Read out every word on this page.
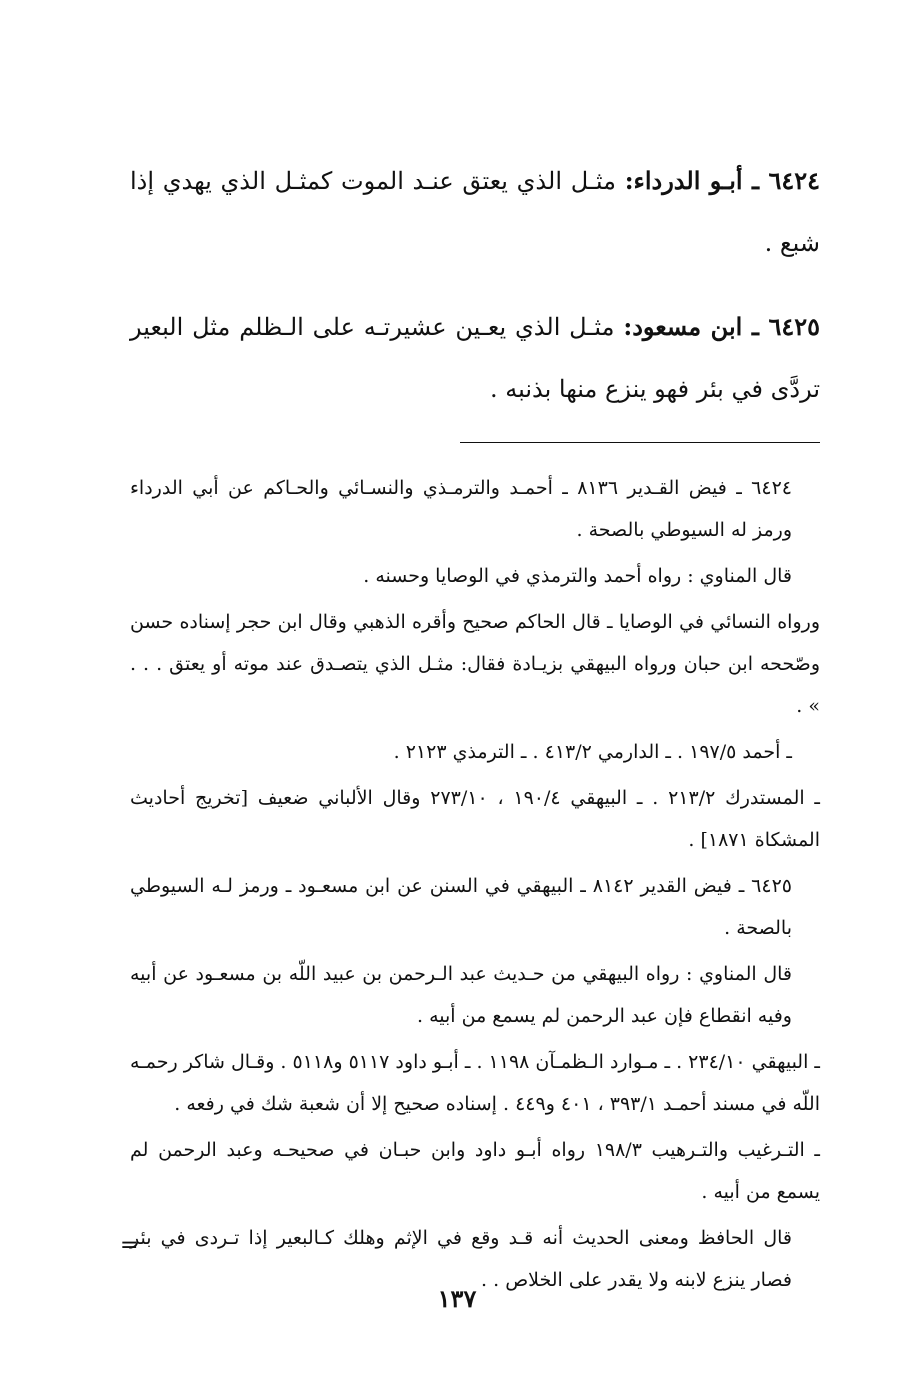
٦٤٢٤ ـ أبـو الدرداء: مثـل الذي يعتق عنـد الموت كمثـل الذي يهدي إذا شبع .

٦٤٢٥ ـ ابن مسعود: مثـل الذي يعـين عشيرتـه على الـظلم مثل البعير تردَّى في بئر فهو ينزع منها بذنبه .

٦٤٢٤ ـ فيض القـدير ٨١٣٦ ـ أحمـد والترمـذي والنسـائي والحـاكم عن أبي الدرداء ورمز له السيوطي بالصحة .

قال المناوي : رواه أحمد والترمذي في الوصايا وحسنه .

ورواه النسائي في الوصايا ـ قال الحاكم صحيح وأقره الذهبي وقال ابن حجر إسناده حسن وصّححه ابن حبان ورواه البيهقي بزيـادة فقال: مثـل الذي يتصـدق عند موته أو يعتق . . . » .

ـ أحمد ١٩٧/٥ . ـ الدارمي ٤١٣/٢ . ـ الترمذي ٢١٢٣ .

ـ المستدرك ٢١٣/٢ . ـ البيهقي ١٩٠/٤ ، ٢٧٣/١٠ وقال الألباني ضعيف [تخريج أحاديث المشكاة ١٨٧١] .

٦٤٢٥ ـ فيض القدير ٨١٤٢ ـ البيهقي في السنن عن ابن مسعـود ـ ورمز لـه السيوطي بالصحة .

قال المناوي : رواه البيهقي من حـديث عبد الـرحمن بن عبيد اللّه بن مسعـود عن أبيه وفيه انقطاع فإن عبد الرحمن لم يسمع من أبيه .

ـ البيهقي ٢٣٤/١٠ . ـ مـوارد الـظمـآن ١١٩٨ . ـ أبـو داود ٥١١٧ و٥١١٨ . وقـال شاكر رحمـه اللّه في مسند أحمـد ٣٩٣/١ ، ٤٠١ و٤٤٩ . إسناده صحيح إلا أن شعبة شك في رفعه .

ـ التـرغيب والتـرهيب ١٩٨/٣ رواه أبـو داود وابن حبـان في صحيحـه وعبد الرحمن لم يسمع من أبيه .

قال الحافظ ومعنى الحديث أنه قـد وقع في الإثم وهلك كـالبعير إذا تـردى في بئر فصار ينزع لابنه ولا يقدر على الخلاص . .

=
١٣٧
